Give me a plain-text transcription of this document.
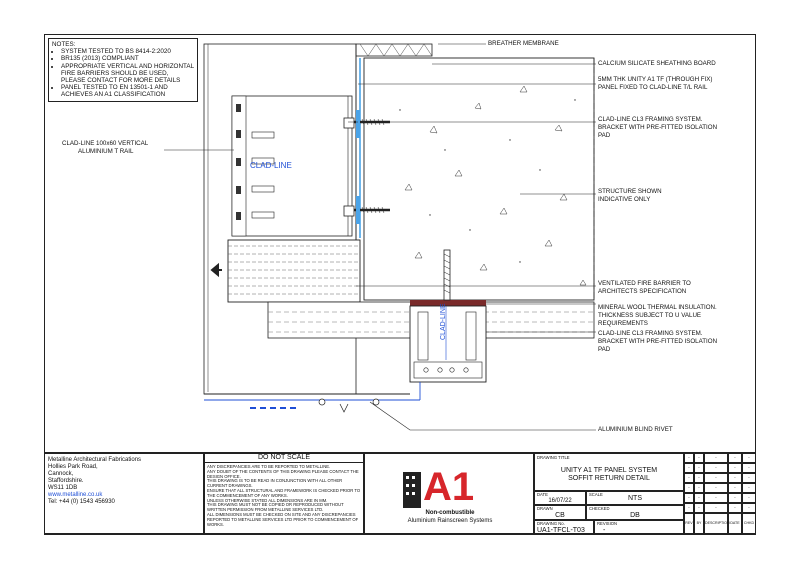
NOTES:
• SYSTEM TESTED TO BS 8414-2:2020
• BR135 (2013) COMPLIANT
• APPROPRIATE VERTICAL AND HORIZONTAL FIRE BARRIERS SHOULD BE USED, PLEASE CONTACT FOR MORE DETAILS
• PANEL TESTED TO EN 13501-1 AND ACHIEVES AN A1 CLASSIFICATION
BREATHER MEMBRANE
CALCIUM SILICATE SHEATHING BOARD
5MM THK UNITY A1 TF (THROUGH FIX)
PANEL FIXED TO CLAD-LINE T/L RAIL
CLAD-LINE CL3 FRAMING SYSTEM.
BRACKET WITH PRE-FITTED ISOLATION
PAD
STRUCTURE SHOWN
INDICATIVE ONLY
VENTILATED FIRE BARRIER TO
ARCHITECTS SPECIFICATION
MINERAL WOOL THERMAL INSULATION.
THICKNESS SUBJECT TO U VALUE
REQUIREMENTS
CLAD-LINE CL3 FRAMING SYSTEM.
BRACKET WITH PRE-FITTED ISOLATION
PAD
ALUMINIUM BLIND RIVET
CLAD-LINE 100x60 VERTICAL
ALUMINIUM T RAIL
CLAD-LINE
CLAD-LINE
Metalline Architectural Fabrications
Hollies Park Road,
Cannock,
Staffordshire.
WS11 1DB
www.metalline.co.uk
Tel: +44 (0) 1543 456930
DO NOT SCALE
ANY DISCREPANCIES ARE TO BE REPORTED TO METALLINE.
ANY DOUBT OF THE CONTENTS OF THIS DRAWING PLEASE CONTACT THE DESIGN OFFICE.
THIS DRAWING IS TO BE READ IN CONJUNCTION WITH ALL OTHER CURRENT DRAWINGS.
ENSURE THAT ALL STRUCTURAL AND FRAMEWORK IS CHECKED PRIOR TO THE COMMENCEMENT OF ANY WORKS.
UNLESS OTHERWISE STATED ALL DIMENSIONS ARE IN MM.
THIS DRAWING MUST NOT BE COPIED OR REPRODUCED WITHOUT WRITTEN PERMISSION FROM METALLINE SERVICES LTD.
ALL DIMENSIONS MUST BE CHECKED ON SITE AND ANY DISCREPANCIES REPORTED TO METALLINE SERVICES LTD PRIOR TO COMMENCEMENT OF WORKS.
A1
Non-combustible
Aluminium Rainscreen Systems
DRAWING TITLE
UNITY A1 TF PANEL SYSTEM
SOFFIT RETURN DETAIL
DATE
16/07/22
SCALE
NTS
DRAWN
CB
CHECKED
DB
DRAWING No.
UA1-TFCL-T03
REVISION
-
-	-	-	-	-
-	-	-	-	-
-	-	-	-	-
-	-	-	-	-
-	-	-	-	-
-	-	-	-	-
REV	BY	DESCRIPTION DATE	CHKD
